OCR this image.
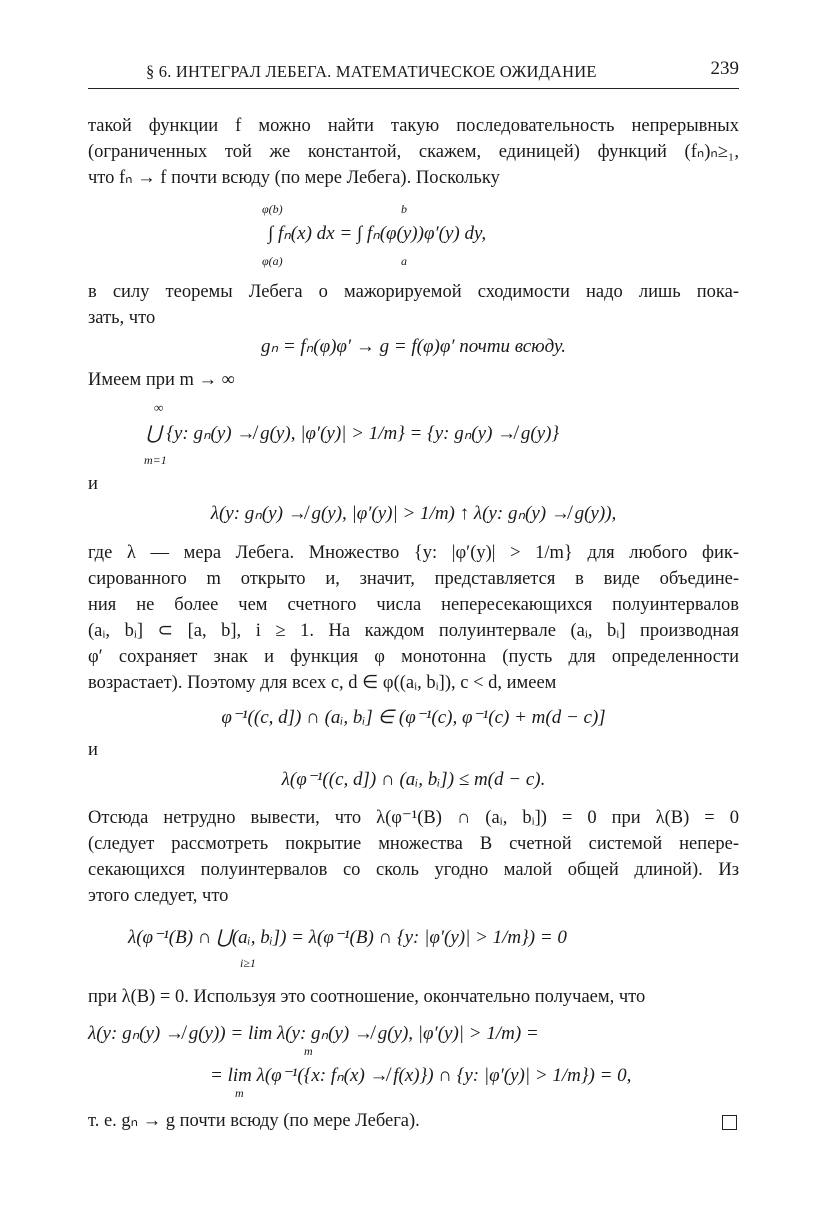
§ 6. ИНТЕГРАЛ ЛЕБЕГА. МАТЕМАТИЧЕСКОЕ ОЖИДАНИЕ	239
такой функции f можно найти такую последовательность непрерывных
(ограниченных той же константой, скажем, единицей) функций (fₙ)ₙ≥₁,
что fₙ → f почти всюду (по мере Лебега). Поскольку
φ(b)
φ(a)
b
a
∫ fₙ(x) dx = ∫ fₙ(φ(y))φ′(y) dy,
в силу теоремы Лебега о мажорируемой сходимости надо лишь пока-
зать, что
gₙ = fₙ(φ)φ′ → g = f(φ)φ′ почти всюду.
Имеем при m → ∞
∞
m=1
⋃ {y: gₙ(y) ↛ g(y), |φ′(y)| > 1/m} = {y: gₙ(y) ↛ g(y)}
и
λ(y: gₙ(y) ↛ g(y), |φ′(y)| > 1/m) ↑ λ(y: gₙ(y) ↛ g(y)),
где λ — мера Лебега. Множество {y: |φ′(y)| > 1/m} для любого фик-
сированного m открыто и, значит, представляется в виде объедине-
ния не более чем счетного числа непересекающихся полуинтервалов
(aᵢ, bᵢ] ⊂ [a, b], i ≥ 1. На каждом полуинтервале (aᵢ, bᵢ] производная
φ′ сохраняет знак и функция φ монотонна (пусть для определенности
возрастает). Поэтому для всех c, d ∈ φ((aᵢ, bᵢ]), c < d, имеем
φ⁻¹((c, d]) ∩ (aᵢ, bᵢ] ∈ (φ⁻¹(c), φ⁻¹(c) + m(d − c)]
и
λ(φ⁻¹((c, d]) ∩ (aᵢ, bᵢ]) ≤ m(d − c).
Отсюда нетрудно вывести, что λ(φ⁻¹(B) ∩ (aᵢ, bᵢ]) = 0 при λ(B) = 0
(следует рассмотреть покрытие множества B счетной системой непере-
секающихся полуинтервалов со сколь угодно малой общей длиной). Из
этого следует, что
λ(φ⁻¹(B) ∩ ⋃(aᵢ, bᵢ]) = λ(φ⁻¹(B) ∩ {y: |φ′(y)| > 1/m}) = 0
i≥1
при λ(B) = 0. Используя это соотношение, окончательно получаем, что
λ(y: gₙ(y) ↛ g(y)) = lim λ(y: gₙ(y) ↛ g(y), |φ′(y)| > 1/m) =
m
= lim λ(φ⁻¹({x: fₙ(x) ↛ f(x)}) ∩ {y: |φ′(y)| > 1/m}) = 0,
m
т. е. gₙ → g почти всюду (по мере Лебега).
